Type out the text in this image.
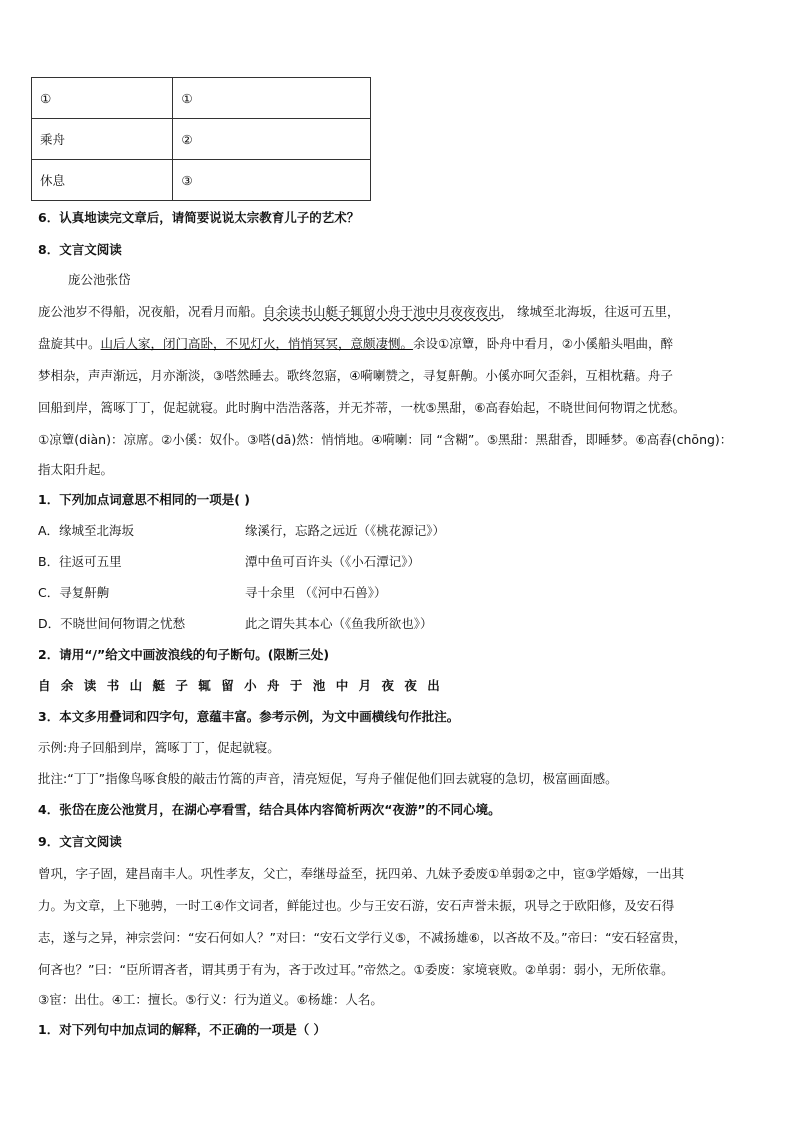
①	①
乘舟	②
休息	③
6．认真地读完文章后，请简要说说太宗教育儿子的艺术？
8．文言文阅读
庞公池张岱
庞公池岁不得船，况夜船，况看月而船。自余读书山艇子辄留小舟于池中月夜夜夜出， 缘城至北海坂，往返可五里，
盘旋其中。山后人家，闭门高卧，不见灯火，悄悄冥冥，意颇凄恻。余设①凉簟，卧舟中看月，②小傒船头唱曲，醉
梦相杂，声声渐远，月亦渐淡，③嗒然睡去。歌终忽寤，④嗬喇赞之，寻复鼾齁。小傒亦呵欠歪斜，互相枕藉。舟子
回船到岸，篙啄丁丁，促起就寝。此时胸中浩浩落落，并无芥蒂，一枕⑤黑甜，⑥高舂始起，不晓世间何物谓之忧愁。
①凉簟(diàn)：凉席。②小傒：奴仆。③嗒(dā)然：悄悄地。④嗬喇：同 “含糊”。⑤黑甜：黑甜香，即睡梦。⑥高舂(chōng)：
指太阳升起。
1．下列加点词意思不相同的一项是( )
A．缘城至北海坂	缘溪行，忘路之远近（《桃花源记》）
B．往返可五里	潭中鱼可百许头（《小石潭记》）
C．寻复鼾齁	寻十余里 （《河中石兽》）
D．不晓世间何物谓之忧愁	此之谓失其本心（《鱼我所欲也》）
2．请用“/”给文中画波浪线的句子断句。(限断三处)
自余读书山艇子辄留小舟于池中月夜夜出
3．本文多用叠词和四字句，意蕴丰富。参考示例，为文中画横线句作批注。
示例:舟子回船到岸，篙啄丁丁，促起就寝。
批注:“丁丁”指像鸟啄食般的敲击竹篙的声音，清亮短促，写舟子催促他们回去就寝的急切，极富画面感。
4．张岱在庞公池赏月，在湖心亭看雪，结合具体内容简析两次“夜游”的不同心境。
9．文言文阅读
曾巩，字子固，建昌南丰人。巩性孝友，父亡，奉继母益至，抚四弟、九妹予委废①单弱②之中，宦③学婚嫁，一出其
力。为文章，上下驰骋，一时工④作文词者，鲜能过也。少与王安石游，安石声誉未振，巩导之于欧阳修，及安石得
志，遂与之异，神宗尝问：“安石何如人？”对曰：“安石文学行义⑤，不减扬雄⑥，以吝故不及。”帝曰：“安石轻富贵，
何吝也？”曰：“臣所谓吝者，谓其勇于有为，吝于改过耳。”帝然之。①委废：家境衰败。②单弱：弱小，无所依靠。
③宦：出仕。④工：擅长。⑤行义：行为道义。⑥杨雄：人名。
1．对下列句中加点词的解释，不正确的一项是（ ）
